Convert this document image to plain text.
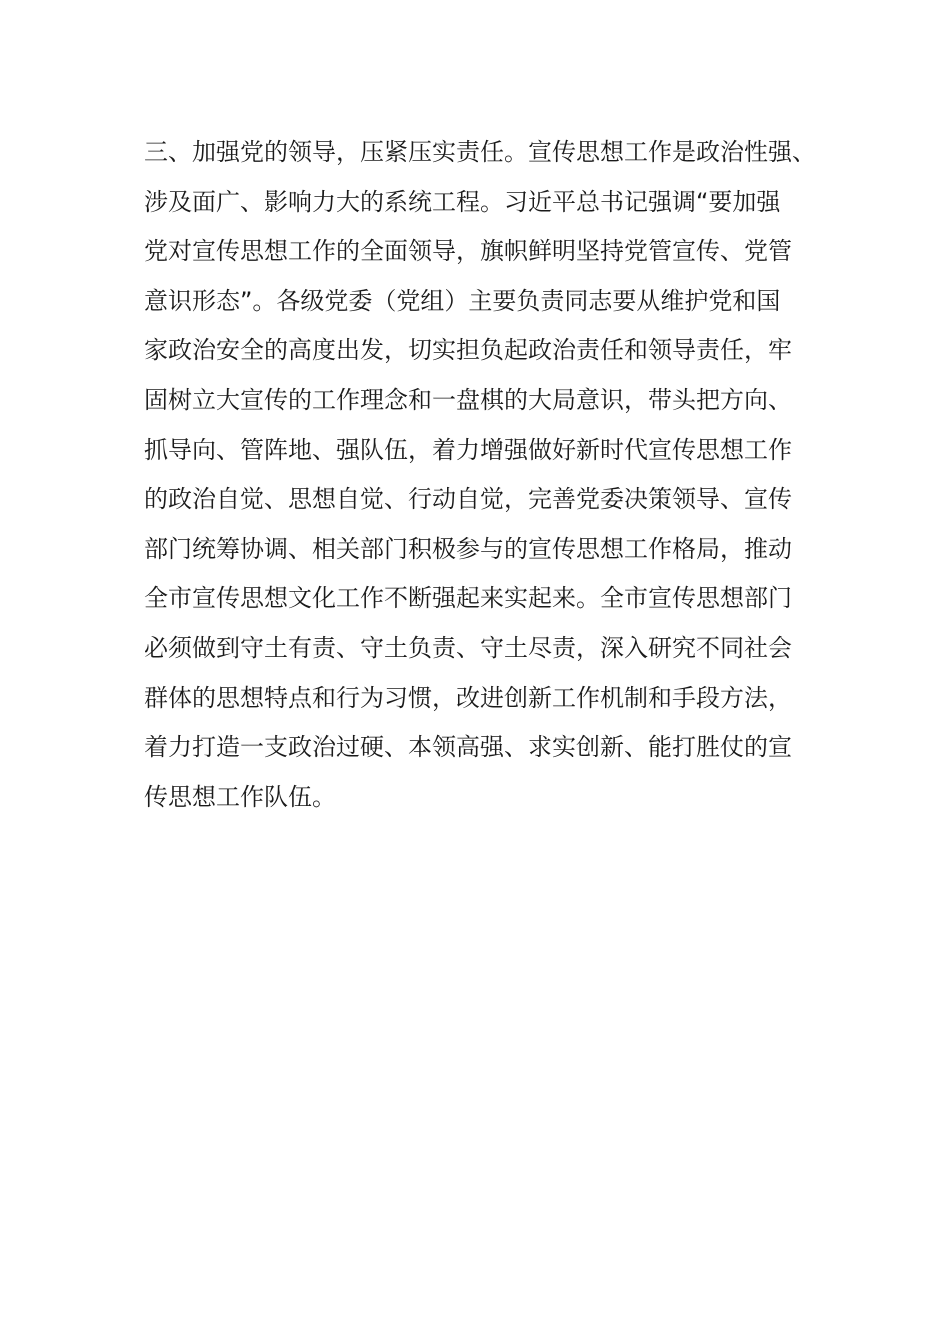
三、加强党的领导，压紧压实责任。宣传思想工作是政治性强、
涉及面广、影响力大的系统工程。习近平总书记强调“要加强
党对宣传思想工作的全面领导，旗帜鲜明坚持党管宣传、党管
意识形态”。各级党委（党组）主要负责同志要从维护党和国
家政治安全的高度出发，切实担负起政治责任和领导责任，牢
固树立大宣传的工作理念和一盘棋的大局意识，带头把方向、
抓导向、管阵地、强队伍，着力增强做好新时代宣传思想工作
的政治自觉、思想自觉、行动自觉，完善党委决策领导、宣传
部门统筹协调、相关部门积极参与的宣传思想工作格局，推动
全市宣传思想文化工作不断强起来实起来。全市宣传思想部门
必须做到守土有责、守土负责、守土尽责，深入研究不同社会
群体的思想特点和行为习惯，改进创新工作机制和手段方法，
着力打造一支政治过硬、本领高强、求实创新、能打胜仗的宣
传思想工作队伍。
